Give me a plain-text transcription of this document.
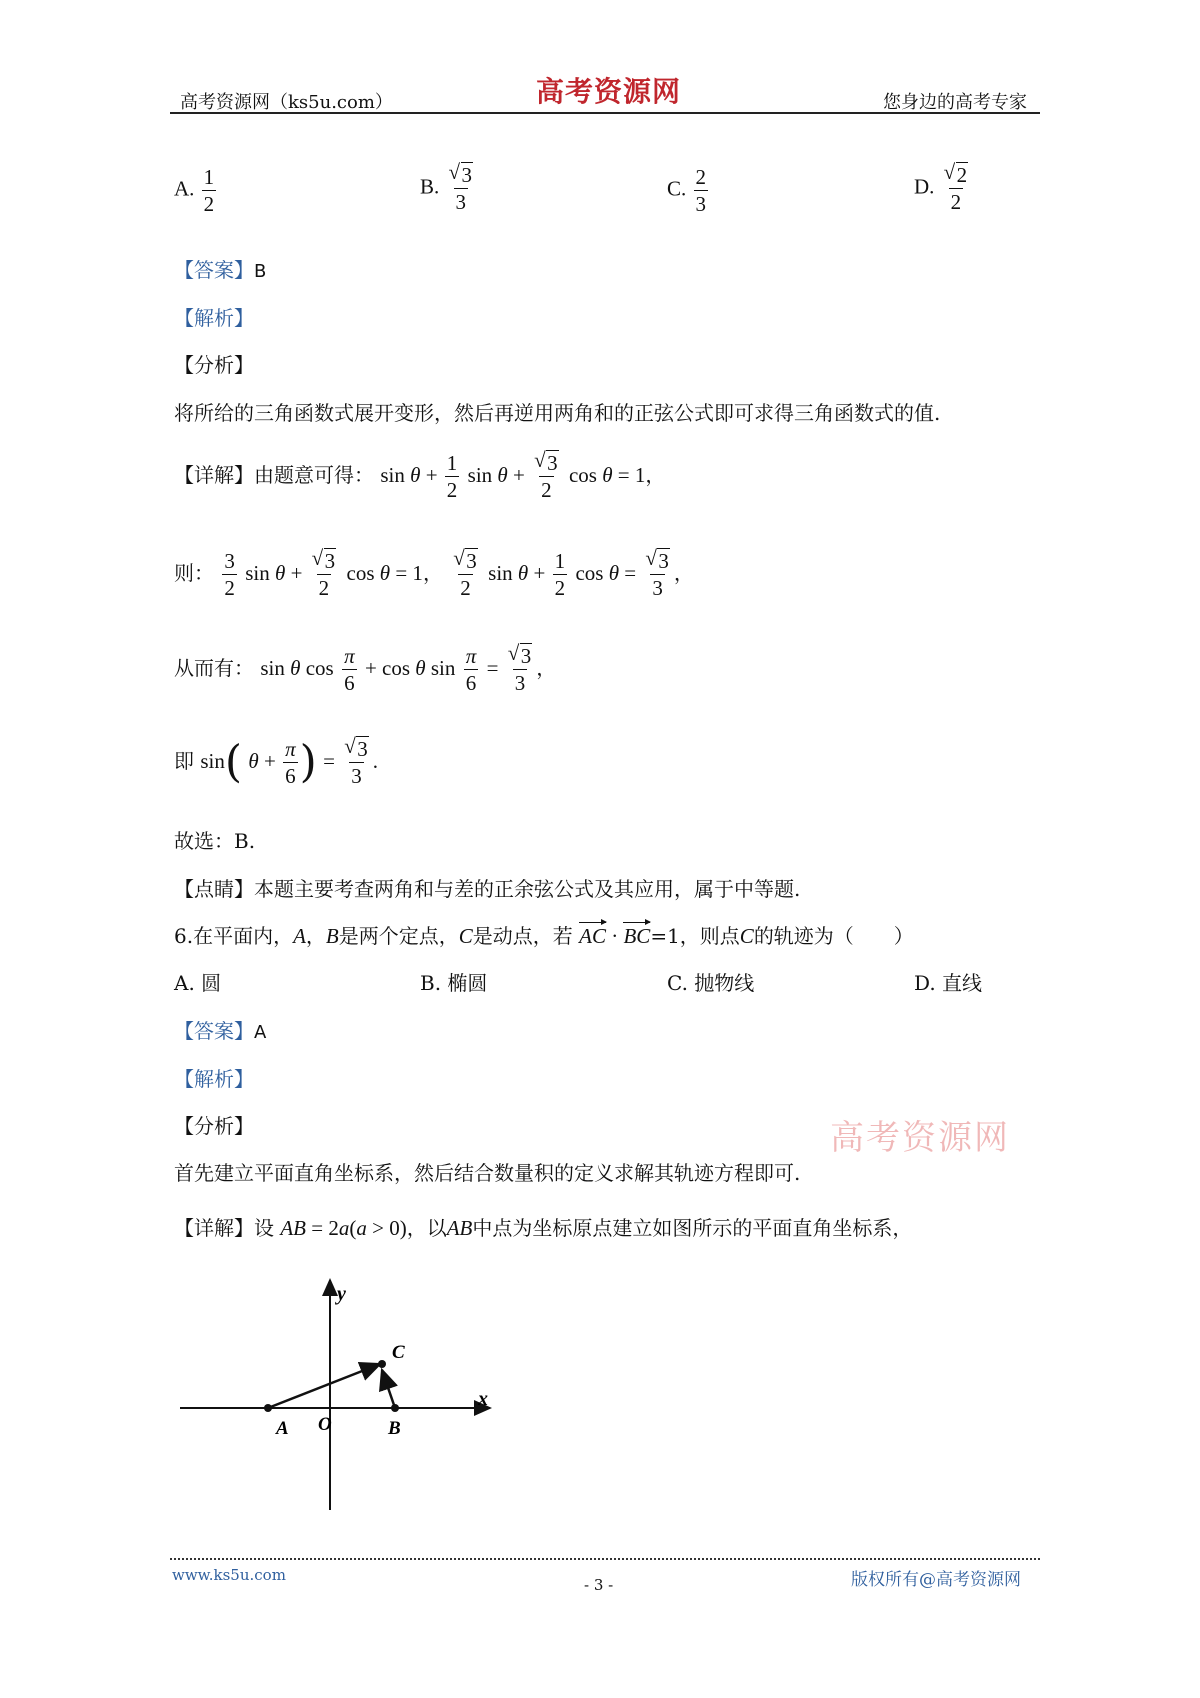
高考资源网（ks5u.com）	高考资源网	您身边的高考专家
A. $\frac{1}{2}$	B. √ $\frac{3}{3}$	C. $\frac{2}{3}$	D. √ $\frac{2}{2}$
【答案】B
【解析】
【分析】
将所给的三角函数式展开变形，然后再逆用两角和的正弦公式即可求得三角函数式的值.
【详解】由题意可得： $\sin \theta + \frac{1}{2}$ sin θ + √ $\frac{3}{2}$ cos θ = 1，
则： $\frac{3}{2}$ sin θ + √ $\frac{3}{2}$ cos θ = 1， √ $\frac{3}{2}$ $\sin \theta + \frac{1}{2}$ cos θ = √ $\frac{3}{3}$ ，
从而有： sin θ $\cos \frac{\pi}{6} + \cos \theta$ $\sin \frac{\pi}{6}$ = √ $\frac{3}{3}$ ，
即 sin( $\theta + \frac{\pi}{6}$ ) = √ $\frac{3}{3}$ .
故选：B.
【点睛】本题主要考查两角和与差的正余弦公式及其应用，属于中等题.
6.在平面内，A，B是两个定点，C是动点，若 AC · BC=1，则点C的轨迹为（　　）
A. 圆	B. 椭圆	C. 抛物线	D. 直线
【答案】A
【解析】
【分析】	高考资源网
首先建立平面直角坐标系，然后结合数量积的定义求解其轨迹方程即可.
【详解】设 AB = 2a(a > 0)，以AB中点为坐标原点建立如图所示的平面直角坐标系，
y
x
A O	B
C
www.ks5u.com
- 3 -	版权所有@高考资源网
